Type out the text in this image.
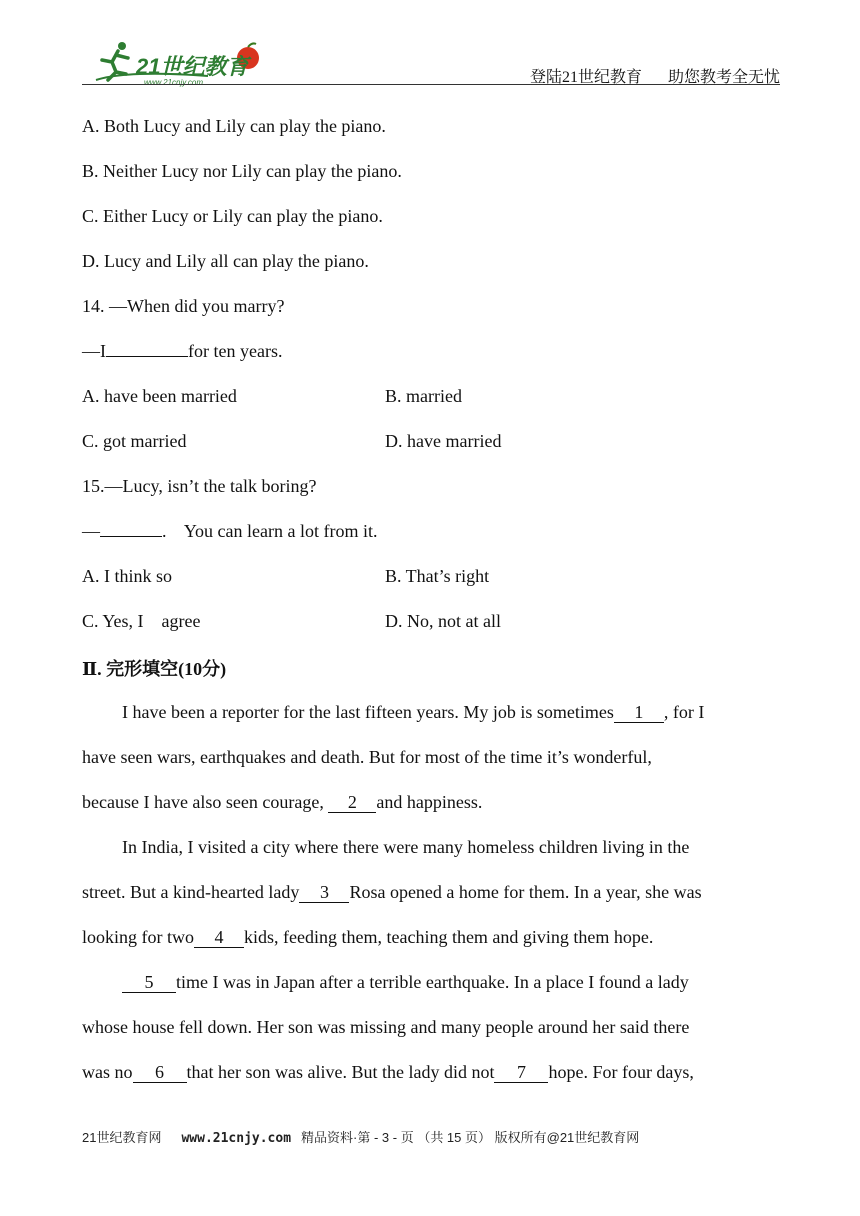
21世纪教育
www.21cnjy.com	登陆21世纪教育 助您教考全无忧
A. Both Lucy and Lily can play the piano.
B. Neither Lucy nor Lily can play the piano.
C. Either Lucy or Lily can play the piano.
D. Lucy and Lily all can play the piano.
14. —When did you marry?
—I	for ten years.
A. have been married	B. married
C. got married	D. have married
15.—Lucy, isn’t the talk boring?
—	.    You can learn a lot from it.
A. I think so	B. That’s right
C. Yes, I    agree	D. No, not at all
Ⅱ. 完形填空(10分)
I have been a reporter for the last fifteen years. My job is sometimes 1 , for I
have seen wars, earthquakes and death. But for most of the time it’s wonderful,
because I have also seen courage, 2 and happiness.
In India, I visited a city where there were many homeless children living in the
street. But a kind-hearted lady 3 Rosa opened a home for them. In a year, she was
looking for two 4 kids, feeding them, teaching them and giving them hope.
5 time I was in Japan after a terrible earthquake. In a place I found a lady
whose house fell down. Her son was missing and many people around her said there
was no 6 that her son was alive. But the lady did not 7 hope. For four days,
21世纪教育网 www.21cnjy.com 精品资料·第 - 3 - 页 （共 15 页） 版权所有@21世纪教育网
